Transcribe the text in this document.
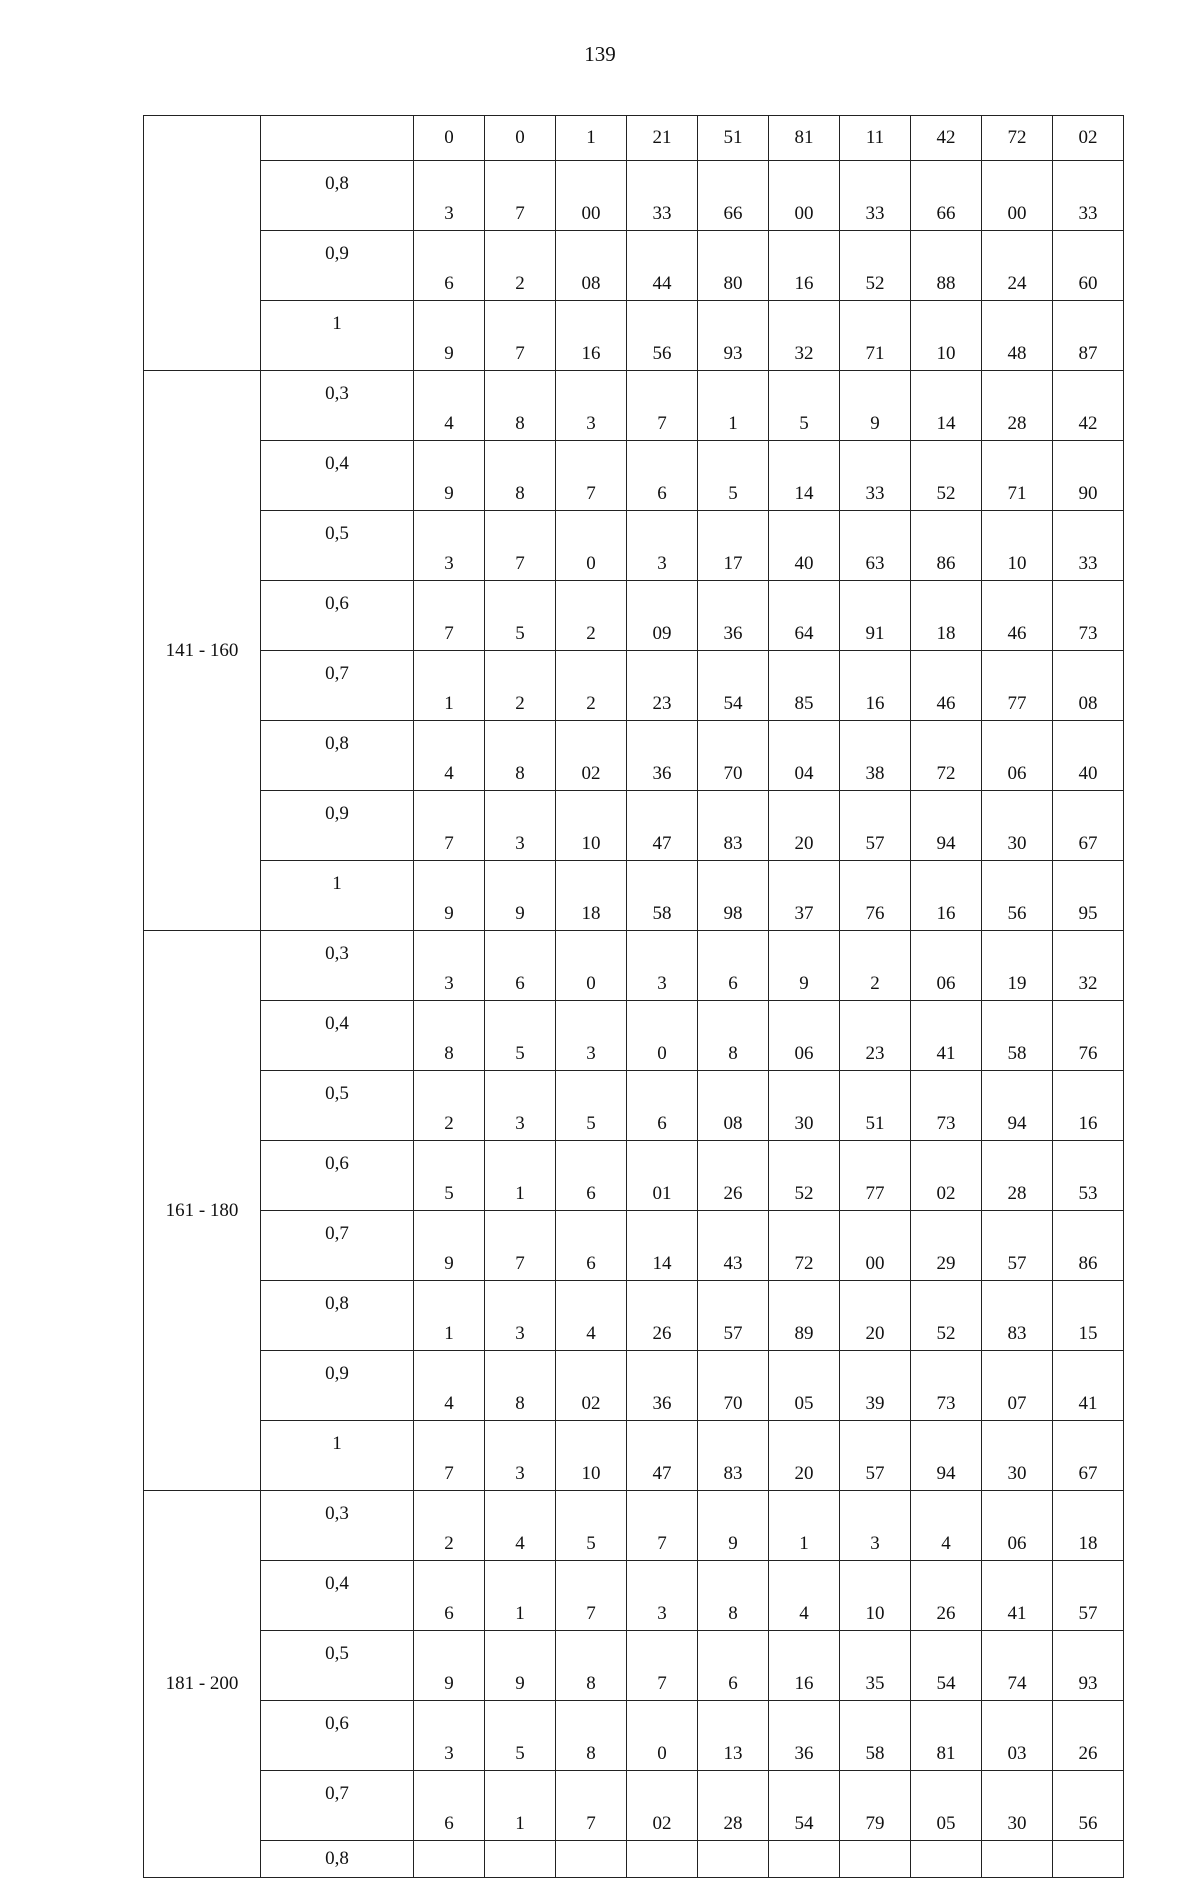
139
		0	0	1	21	51	81	11	42	72	02
	0,8	3	7	00	33	66	00	33	66	00	33
	0,9	6	2	08	44	80	16	52	88	24	60
	1	9	7	16	56	93	32	71	10	48	87
141 - 160	0,3	4	8	3	7	1	5	9	14	28	42
	0,4	9	8	7	6	5	14	33	52	71	90
	0,5	3	7	0	3	17	40	63	86	10	33
	0,6	7	5	2	09	36	64	91	18	46	73
	0,7	1	2	2	23	54	85	16	46	77	08
	0,8	4	8	02	36	70	04	38	72	06	40
	0,9	7	3	10	47	83	20	57	94	30	67
	1	9	9	18	58	98	37	76	16	56	95
161 - 180	0,3	3	6	0	3	6	9	2	06	19	32
	0,4	8	5	3	0	8	06	23	41	58	76
	0,5	2	3	5	6	08	30	51	73	94	16
	0,6	5	1	6	01	26	52	77	02	28	53
	0,7	9	7	6	14	43	72	00	29	57	86
	0,8	1	3	4	26	57	89	20	52	83	15
	0,9	4	8	02	36	70	05	39	73	07	41
	1	7	3	10	47	83	20	57	94	30	67
181 - 200	0,3	2	4	5	7	9	1	3	4	06	18
	0,4	6	1	7	3	8	4	10	26	41	57
	0,5	9	9	8	7	6	16	35	54	74	93
	0,6	3	5	8	0	13	36	58	81	03	26
	0,7	6	1	7	02	28	54	79	05	30	56
	0,8										
